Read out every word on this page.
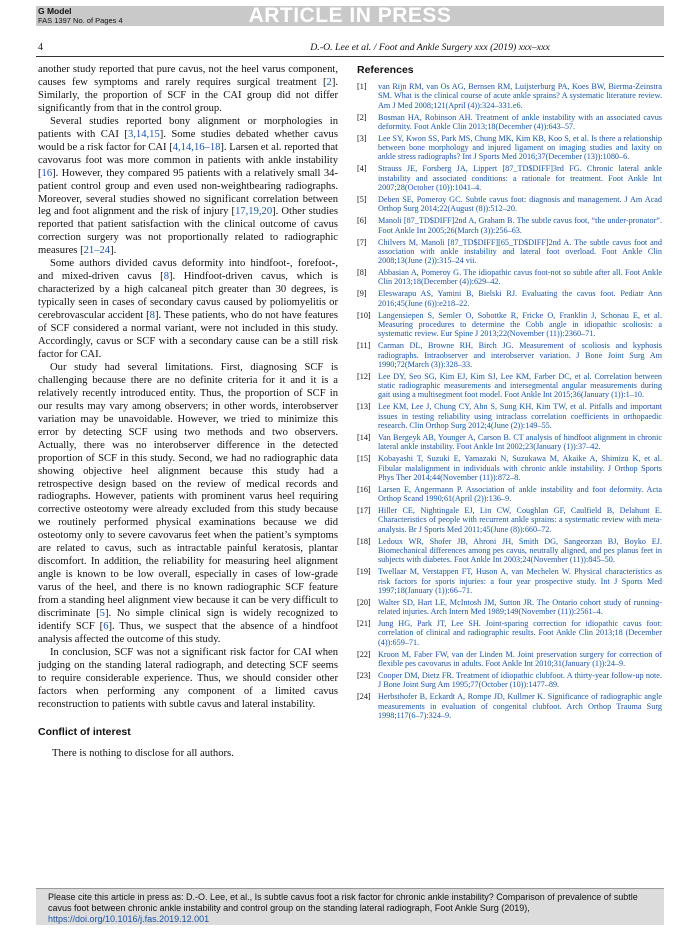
G Model
FAS 1397 No. of Pages 4	ARTICLE IN PRESS
4	D.-O. Lee et al. / Foot and Ankle Surgery xxx (2019) xxx–xxx

another study reported that pure cavus, not the heel varus component, causes few symptoms and rarely requires surgical treatment [2]. Similarly, the proportion of SCF in the CAI group did not differ significantly from that in the control group.

Several studies reported bony alignment or morphologies in patients with CAI [3,14,15]. Some studies debated whether cavus would be a risk factor for CAI [4,14,16–18]. Larsen et al. reported that cavovarus foot was more common in patients with ankle instability [16]. However, they compared 95 patients with a relatively small 34-patient control group and even used non-weightbearing radiographs. Moreover, several studies showed no significant correlation between leg and foot alignment and the risk of injury [17,19,20]. Other studies reported that patient satisfaction with the clinical outcome of cavus correction surgery was not proportionally related to radiographic measures [21–24].

Some authors divided cavus deformity into hindfoot-, forefoot-, and mixed-driven cavus [8]. Hindfoot-driven cavus, which is characterized by a high calcaneal pitch greater than 30 degrees, is typically seen in cases of secondary cavus caused by poliomyelitis or cerebrovascular accident [8]. These patients, who do not have features of SCF considered a normal variant, were not included in this study. Accordingly, cavus or SCF with a secondary cause can be a still risk factor for CAI.

Our study had several limitations. First, diagnosing SCF is challenging because there are no definite criteria for it and it is a relatively recently introduced entity. Thus, the proportion of SCF in our results may vary among observers; in other words, interobserver variation may be unavoidable. However, we tried to minimize this error by detecting SCF using two methods and two observers. Actually, there was no interobserver difference in the detected proportion of SCF in this study. Second, we had no radiographic data showing objective heel alignment because this study had a retrospective design based on the review of medical records and radiographs. However, patients with prominent varus heel requiring corrective osteotomy were already excluded from this study because we routinely performed physical examinations because we did osteotomy only to severe cavovarus feet when the patient’s symptoms are related to cavus, such as intractable painful keratosis, plantar discomfort. In addition, the reliability for measuring heel alignment angle is known to be low overall, especially in cases of low-grade varus of the heel, and there is no known radiographic SCF feature from a standing heel alignment view because it can be very difficult to discriminate [5]. No simple clinical sign is widely recognized to identify SCF [6]. Thus, we suspect that the absence of a hindfoot analysis affected the outcome of this study.

In conclusion, SCF was not a significant risk factor for CAI when judging on the standing lateral radiograph, and detecting SCF seems to require considerable experience. Thus, we should consider other factors when performing any component of a limited cavus reconstruction to patients with subtle cavus and lateral instability.

Conflict of interest

There is nothing to disclose for all authors.

References
[1] van Rijn RM, van Os AG, Bernsen RM, Luijsterburg PA, Koes BW, Bierma-Zeinstra SM. What is the clinical course of acute ankle sprains? A systematic literature review. Am J Med 2008;121(April (4)):324–331.e6.
[2] Bosman HA, Robinson AH. Treatment of ankle instability with an associated cavus deformity. Foot Ankle Clin 2013;18(December (4)):643–57.
[3] Lee SY, Kwon SS, Park MS, Chung MK, Kim KB, Koo S, et al. Is there a relationship between bone morphology and injured ligament on imaging studies and laxity on ankle stress radiographs? Int J Sports Med 2016;37(December (13)):1080–6.
[4] Strauss JE, Forsberg JA, Lippert [87_TD$DIFF]3rd FG. Chronic lateral ankle instability and associated conditions: a rationale for treatment. Foot Ankle Int 2007;28(October (10)):1041–4.
[5] Deben SE, Pomeroy GC. Subtle cavus foot: diagnosis and management. J Am Acad Orthop Surg 2014;22(August (8)):512–20.
[6] Manoli [87_TD$DIFF]2nd A, Graham B. The subtle cavus foot, “the under-pronator”. Foot Ankle Int 2005;26(March (3)):256–63.
[7] Chilvers M, Manoli [87_TD$DIFF][65_TD$DIFF]2nd A. The subtle cavus foot and association with ankle instability and lateral foot overload. Foot Ankle Clin 2008;13(June (2)):315–24 vii.
[8] Abbasian A, Pomeroy G. The idiopathic cavus foot-not so subtle after all. Foot Ankle Clin 2013;18(December (4)):629–42.
[9] Eleswarapu AS, Yamini B, Bielski RJ. Evaluating the cavus foot. Pediatr Ann 2016;45(June (6)):e218–22.
[10] Langensiepen S, Semler O, Sobottke R, Fricke O, Franklin J, Schonau E, et al. Measuring procedures to determine the Cobb angle in idiopathic scoliosis: a systematic review. Eur Spine J 2013;22(November (11)):2360–71.
[11] Carman DL, Browne RH, Birch JG. Measurement of scoliosis and kyphosis radiographs. Intraobserver and interobserver variation. J Bone Joint Surg Am 1990;72(March (3)):328–33.
[12] Lee DY, Seo SG, Kim EJ, Kim SJ, Lee KM, Farber DC, et al. Correlation between static radiographic measurements and intersegmental angular measurements during gait using a multisegment foot model. Foot Ankle Int 2015;36(January (1)):1–10.
[13] Lee KM, Lee J, Chung CY, Ahn S, Sung KH, Kim TW, et al. Pitfalls and important issues in testing reliability using intraclass correlation coefficients in orthopaedic research. Clin Orthop Surg 2012;4(June (2)):149–55.
[14] Van Bergeyk AB, Younger A, Carson B. CT analysis of hindfoot alignment in chronic lateral ankle instability. Foot Ankle Int 2002;23(January (1)):37–42.
[15] Kobayashi T, Suzuki E, Yamazaki N, Suzukawa M, Akaike A, Shimizu K, et al. Fibular malalignment in individuals with chronic ankle instability. J Orthop Sports Phys Ther 2014;44(November (11)):872–8.
[16] Larsen E, Angermann P. Association of ankle instability and foot deformity. Acta Orthop Scand 1990;61(April (2)):136–9.
[17] Hiller CE, Nightingale EJ, Lin CW, Coughlan GF, Caulfield B, Delahunt E. Characteristics of people with recurrent ankle sprains: a systematic review with meta-analysis. Br J Sports Med 2011;45(June (8)):660–72.
[18] Ledoux WR, Shofer JB, Ahroni JH, Smith DG, Sangeorzan BJ, Boyko EJ. Biomechanical differences among pes cavus, neutrally aligned, and pes planus feet in subjects with diabetes. Foot Ankle Int 2003;24(November (11)):845–50.
[19] Twellaar M, Verstappen FT, Huson A, van Mechelen W. Physical characteristics as risk factors for sports injuries: a four year prospective study. Int J Sports Med 1997;18(January (1)):66–71.
[20] Walter SD, Hart LE, McIntosh JM, Sutton JR. The Ontario cohort study of running-related injuries. Arch Intern Med 1989;149(November (11)):2561–4.
[21] Jung HG, Park JT, Lee SH. Joint-sparing correction for idiopathic cavus foot: correlation of clinical and radiographic results. Foot Ankle Clin 2013;18 (December (4)):659–71.
[22] Kroon M, Faber FW, van der Linden M. Joint preservation surgery for correction of flexible pes cavovarus in adults. Foot Ankle Int 2010;31(January (1)):24–9.
[23] Cooper DM, Dietz FR. Treatment of idiopathic clubfoot. A thirty-year follow-up note. J Bone Joint Surg Am 1995;77(October (10)):1477–89.
[24] Herbsthofer B, Eckardt A, Rompe JD, Kullmer K. Significance of radiographic angle measurements in evaluation of congenital clubfoot. Arch Orthop Trauma Surg 1998;117(6–7):324–9.
Please cite this article in press as: D.-O. Lee, et al., Is subtle cavus foot a risk factor for chronic ankle instability? Comparison of prevalence of subtle cavus foot between chronic ankle instability and control group on the standing lateral radiograph, Foot Ankle Surg (2019), https://doi.org/10.1016/j.fas.2019.12.001
